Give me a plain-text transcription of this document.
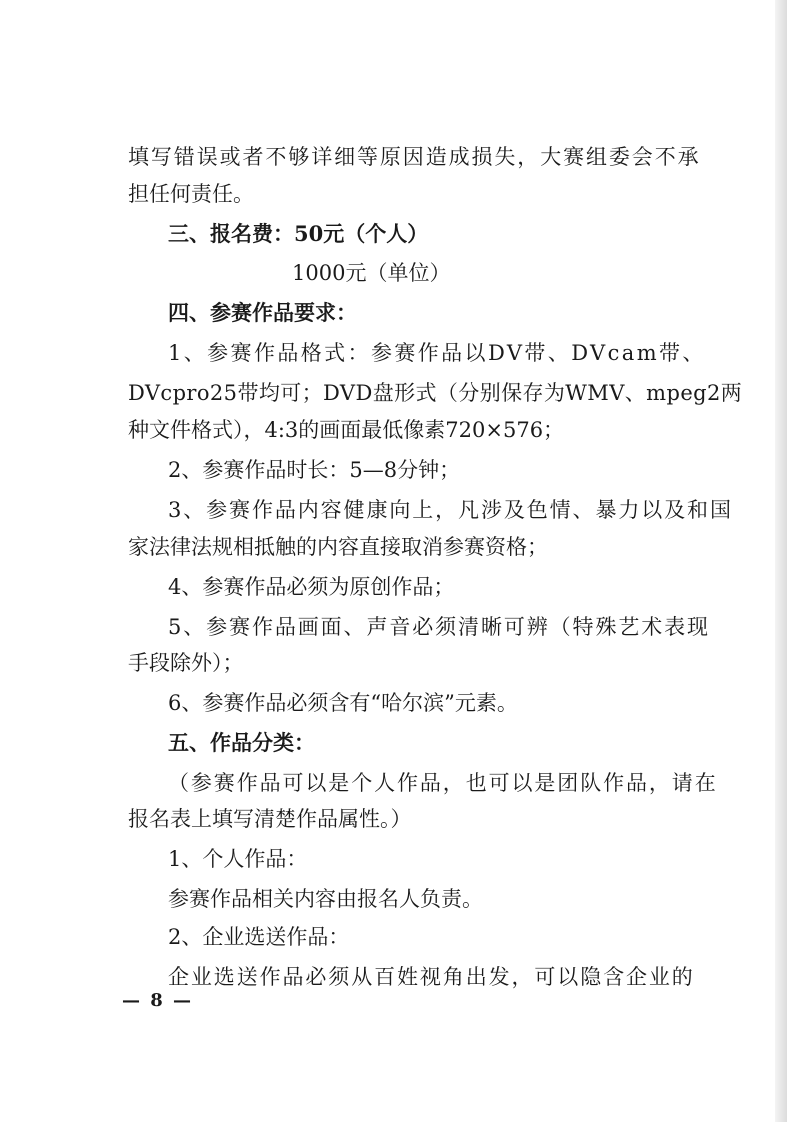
填写错误或者不够详细等原因造成损失，大赛组委会不承
担任何责任。
三、报名费：50元（个人）
1000元（单位）
四、参赛作品要求：
1、参赛作品格式：参赛作品以DV带、DVcam带、
DVcpro25带均可；DVD盘形式（分别保存为WMV、mpeg2两
种文件格式），4:3的画面最低像素720×576；
2、参赛作品时长：5—8分钟；
3、参赛作品内容健康向上，凡涉及色情、暴力以及和国
家法律法规相抵触的内容直接取消参赛资格；
4、参赛作品必须为原创作品；
5、参赛作品画面、声音必须清晰可辨（特殊艺术表现
手段除外）；
6、参赛作品必须含有“哈尔滨”元素。
五、作品分类：
（参赛作品可以是个人作品，也可以是团队作品，请在
报名表上填写清楚作品属性。）
1、个人作品：
参赛作品相关内容由报名人负责。
2、企业选送作品：
企业选送作品必须从百姓视角出发，可以隐含企业的
— 8 —
